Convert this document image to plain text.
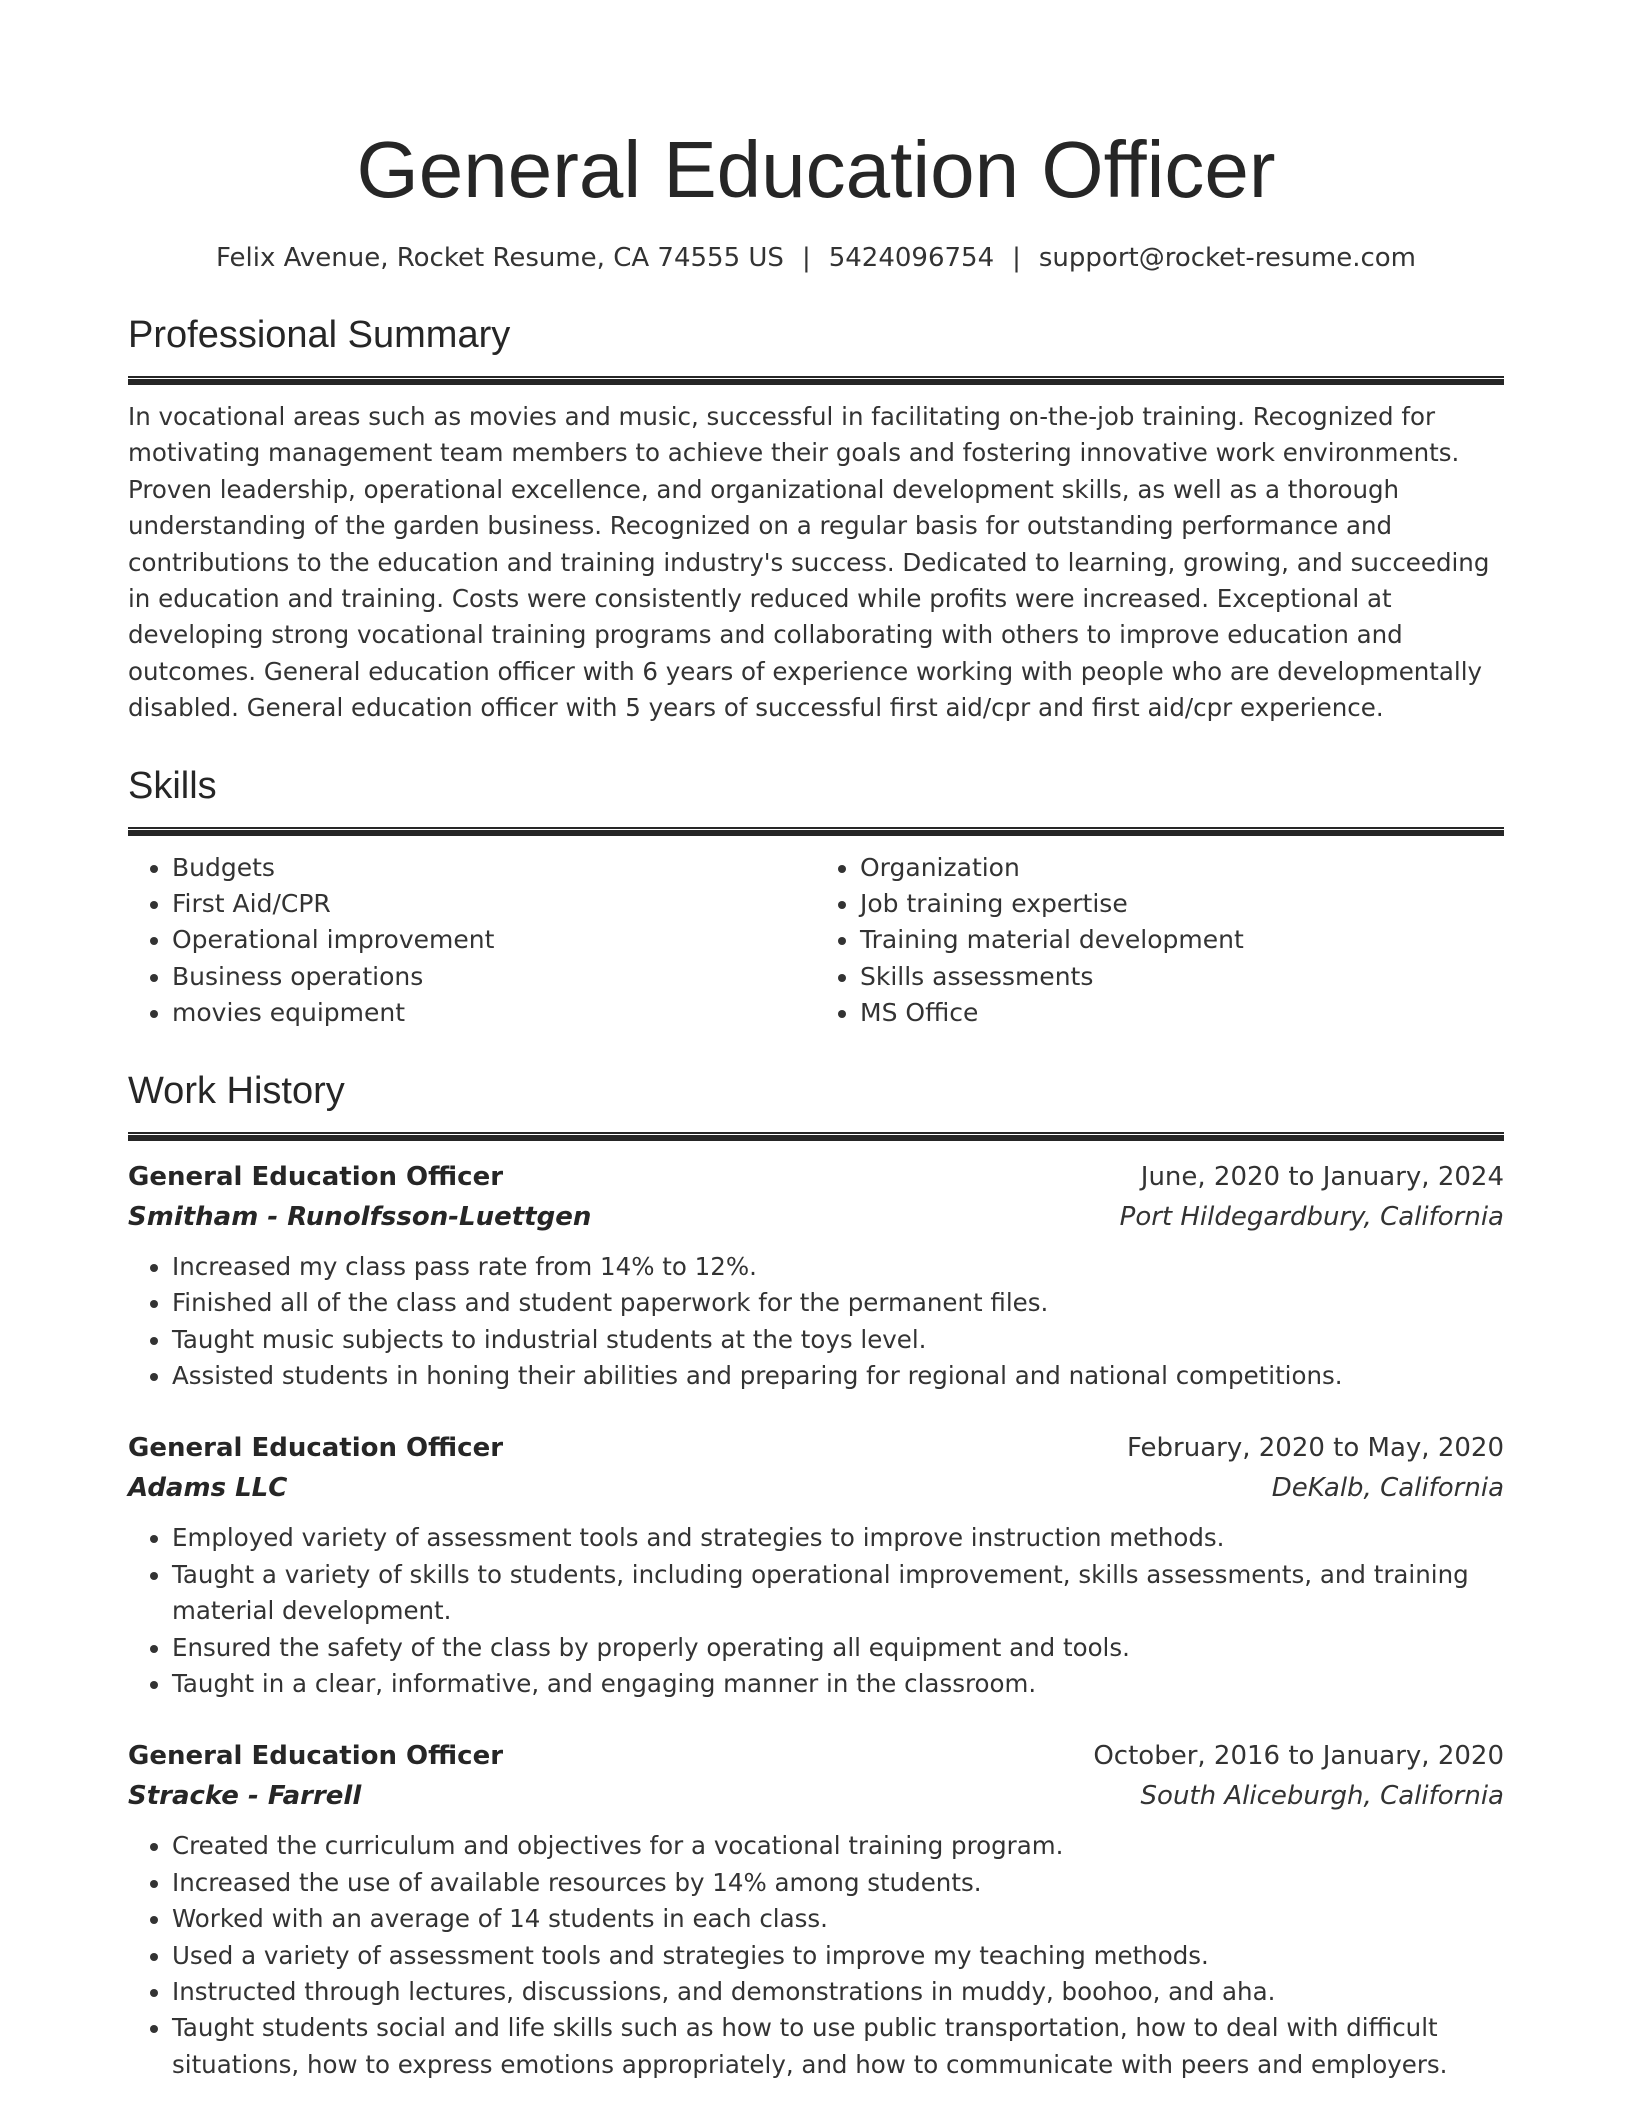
General Education Officer
Felix Avenue, Rocket Resume, CA 74555 US | 5424096754 | support@rocket-resume.com
Professional Summary
In vocational areas such as movies and music, successful in facilitating on-the-job training. Recognized for motivating management team members to achieve their goals and fostering innovative work environments. Proven leadership, operational excellence, and organizational development skills, as well as a thorough understanding of the garden business. Recognized on a regular basis for outstanding performance and contributions to the education and training industry's success. Dedicated to learning, growing, and succeeding in education and training. Costs were consistently reduced while profits were increased. Exceptional at developing strong vocational training programs and collaborating with others to improve education and outcomes. General education officer with 6 years of experience working with people who are developmentally disabled. General education officer with 5 years of successful first aid/cpr and first aid/cpr experience.
Skills
• Budgets
• First Aid/CPR
• Operational improvement
• Business operations
• movies equipment
• Organization
• Job training expertise
• Training material development
• Skills assessments
• MS Office
Work History
General Education Officer	June, 2020 to January, 2024
Smitham - Runolfsson-Luettgen	Port Hildegardbury, California
• Increased my class pass rate from 14% to 12%.
• Finished all of the class and student paperwork for the permanent files.
• Taught music subjects to industrial students at the toys level.
• Assisted students in honing their abilities and preparing for regional and national competitions.
General Education Officer	February, 2020 to May, 2020
Adams LLC	DeKalb, California
• Employed variety of assessment tools and strategies to improve instruction methods.
• Taught a variety of skills to students, including operational improvement, skills assessments, and training material development.
• Ensured the safety of the class by properly operating all equipment and tools.
• Taught in a clear, informative, and engaging manner in the classroom.
General Education Officer	October, 2016 to January, 2020
Stracke - Farrell	South Aliceburgh, California
• Created the curriculum and objectives for a vocational training program.
• Increased the use of available resources by 14% among students.
• Worked with an average of 14 students in each class.
• Used a variety of assessment tools and strategies to improve my teaching methods.
• Instructed through lectures, discussions, and demonstrations in muddy, boohoo, and aha.
• Taught students social and life skills such as how to use public transportation, how to deal with difficult situations, how to express emotions appropriately, and how to communicate with peers and employers.
